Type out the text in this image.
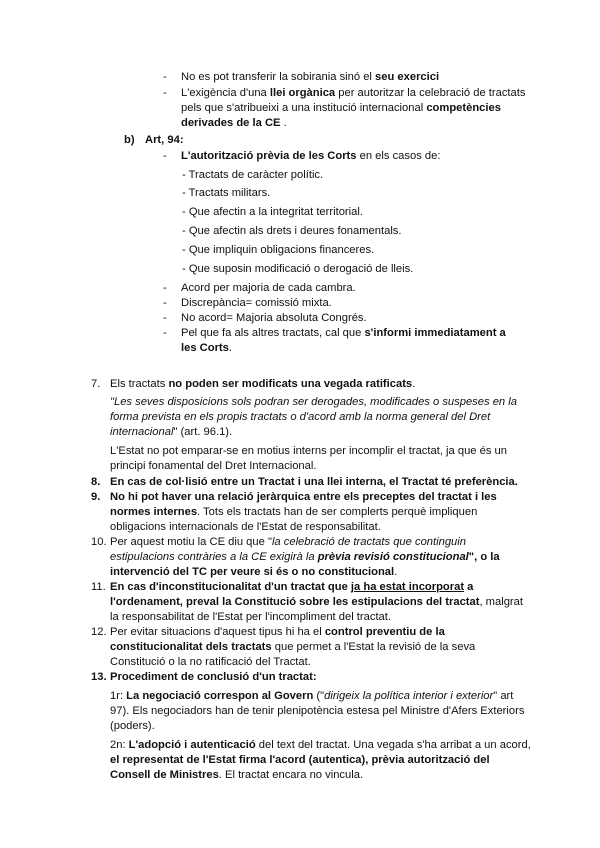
- No es pot transferir la sobirania sinó el seu exercici
- L'exigència d'una llei orgànica per autoritzar la celebració de tractats
pels que s'atribueixi a una institució internacional competències
derivades de la CE .
b) Art, 94:
- L'autorització prèvia de les Corts en els casos de:
- Tractats de caràcter polític.
- Tractats militars.
- Que afectin a la integritat territorial.
- Que afectin als drets i deures fonamentals.
- Que impliquin obligacions financeres.
- Que suposin modificació o derogació de lleis.
- Acord per majoria de cada cambra.
- Discrepància= comissió mixta.
- No acord= Majoria absoluta Congrés.
- Pel que fa als altres tractats, cal que s'informi immediatament a
les Corts.
7. Els tractats no poden ser modificats una vegada ratificats.
"Les seves disposicions sols podran ser derogades, modificades o suspeses en la
forma prevista en els propis tractats o d'acord amb la norma general del Dret
internacional" (art. 96.1).
L'Estat no pot emparar-se en motius interns per incomplir el tractat, ja que és un
principi fonamental del Dret Internacional.
8. En cas de col·lisió entre un Tractat i una llei interna, el Tractat té preferència.
9. No hi pot haver una relació jeràrquica entre els preceptes del tractat i les
normes internes. Tots els tractats han de ser complerts perquè impliquen
obligacions internacionals de l'Estat de responsabilitat.
10. Per aquest motiu la CE diu que "la celebració de tractats que continguin
estipulacions contràries a la CE exigirà la prèvia revisió constitucional", o la
intervenció del TC per veure si és o no constitucional.
11. En cas d'inconstitucionalitat d'un tractat que ja ha estat incorporat a
l'ordenament, preval la Constitució sobre les estipulacions del tractat, malgrat
la responsabilitat de l'Estat per l'incompliment del tractat.
12. Per evitar situacions d'aquest tipus hi ha el control preventiu de la
constitucionalitat dels tractats que permet a l'Estat la revisió de la seva
Constitució o la no ratificació del Tractat.
13. Procediment de conclusió d'un tractat:
1r: La negociació correspon al Govern ("dirigeix la política interior i exterior" art
97). Els negociadors han de tenir plenipotència estesa pel Ministre d'Afers Exteriors
(poders).
2n: L'adopció i autenticació del text del tractat. Una vegada s'ha arribat a un acord,
el representat de l'Estat firma l'acord (autentica), prèvia autorització del
Consell de Ministres. El tractat encara no vincula.
